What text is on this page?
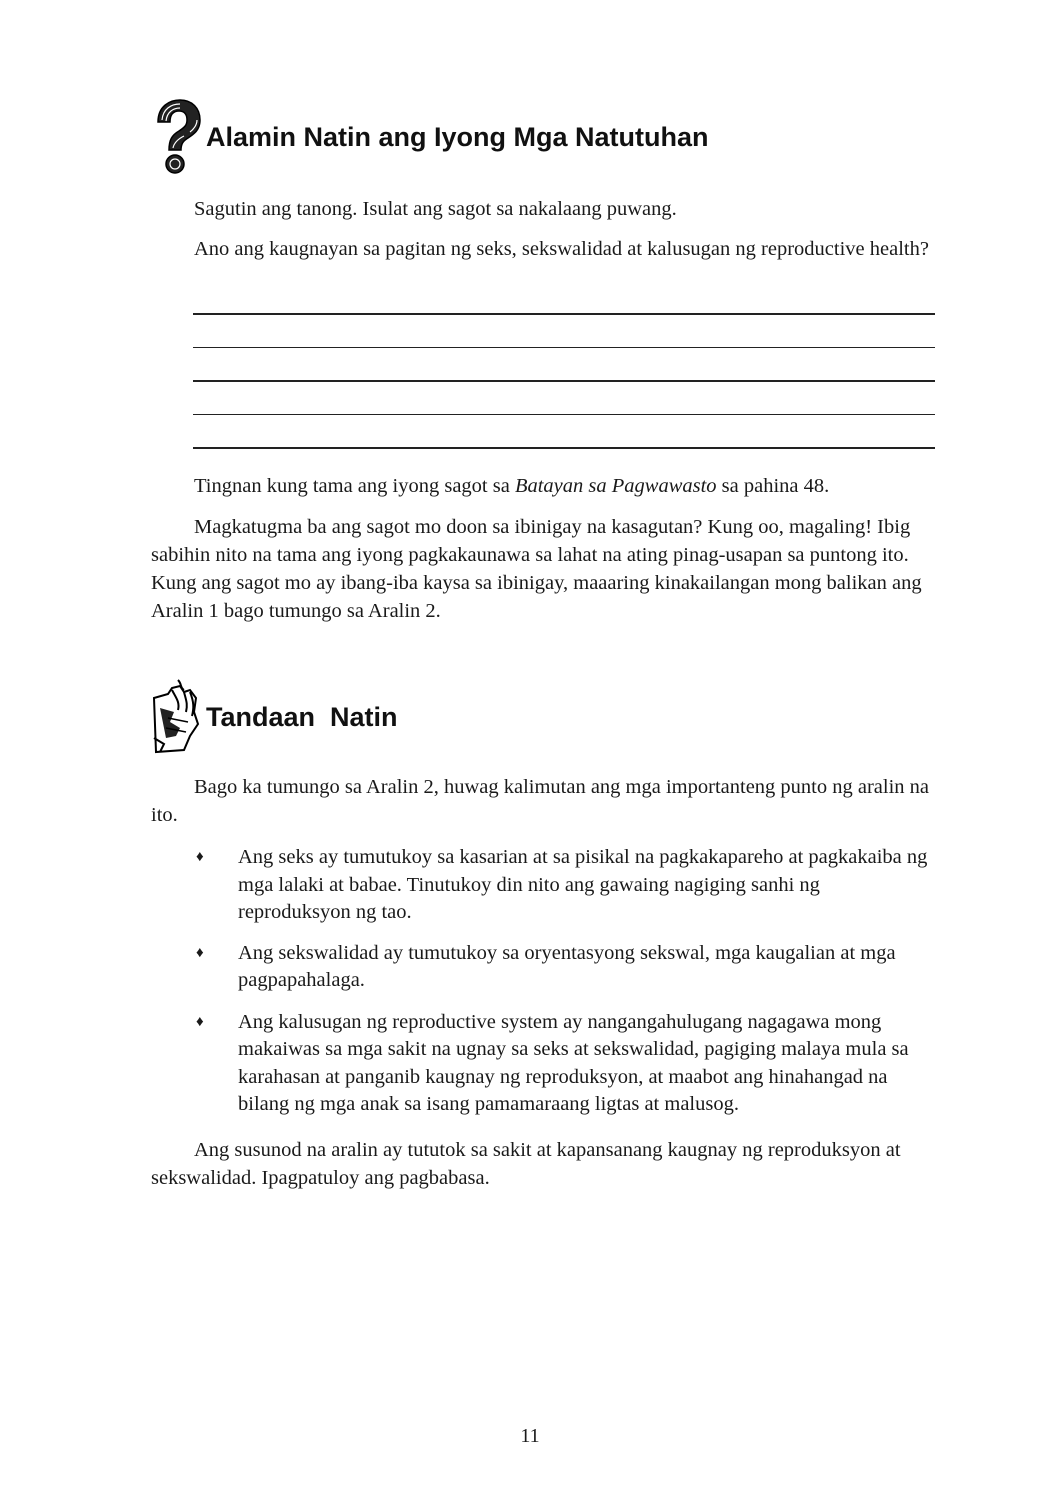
Alamin Natin ang Iyong Mga Natutuhan

Sagutin ang tanong. Isulat ang sagot sa nakalaang puwang.

Ano ang kaugnayan sa pagitan ng seks, sekswalidad at kalusugan ng reproductive health?

Tingnan kung tama ang iyong sagot sa Batayan sa Pagwawasto sa pahina 48.

Magkatugma ba ang sagot mo doon sa ibinigay na kasagutan? Kung oo, magaling! Ibig sabihin nito na tama ang iyong pagkakaunawa sa lahat na ating pinag-usapan sa puntong ito. Kung ang sagot mo ay ibang-iba kaysa sa ibinigay, maaaring kinakailangan mong balikan ang Aralin 1 bago tumungo sa Aralin 2.

Tandaan  Natin

Bago ka tumungo sa Aralin 2, huwag kalimutan ang mga importanteng punto ng aralin na ito.

♦ Ang seks ay tumutukoy sa kasarian at sa pisikal na pagkakapareho at pagkakaiba ng mga lalaki at babae. Tinutukoy din nito ang gawaing nagiging sanhi ng reproduksyon ng tao.
♦ Ang sekswalidad ay tumutukoy sa oryentasyong sekswal, mga kaugalian at mga pagpapahalaga.
♦ Ang kalusugan ng reproductive system ay nangangahulugang nagagawa mong makaiwas sa mga sakit na ugnay sa seks at sekswalidad, pagiging malaya mula sa karahasan at panganib kaugnay ng reproduksyon, at maabot ang hinahangad na bilang ng mga anak sa isang pamamaraang ligtas at malusog.

Ang susunod na aralin ay tututok sa sakit at kapansanang kaugnay ng reproduksyon at sekswalidad. Ipagpatuloy ang pagbabasa.

11
